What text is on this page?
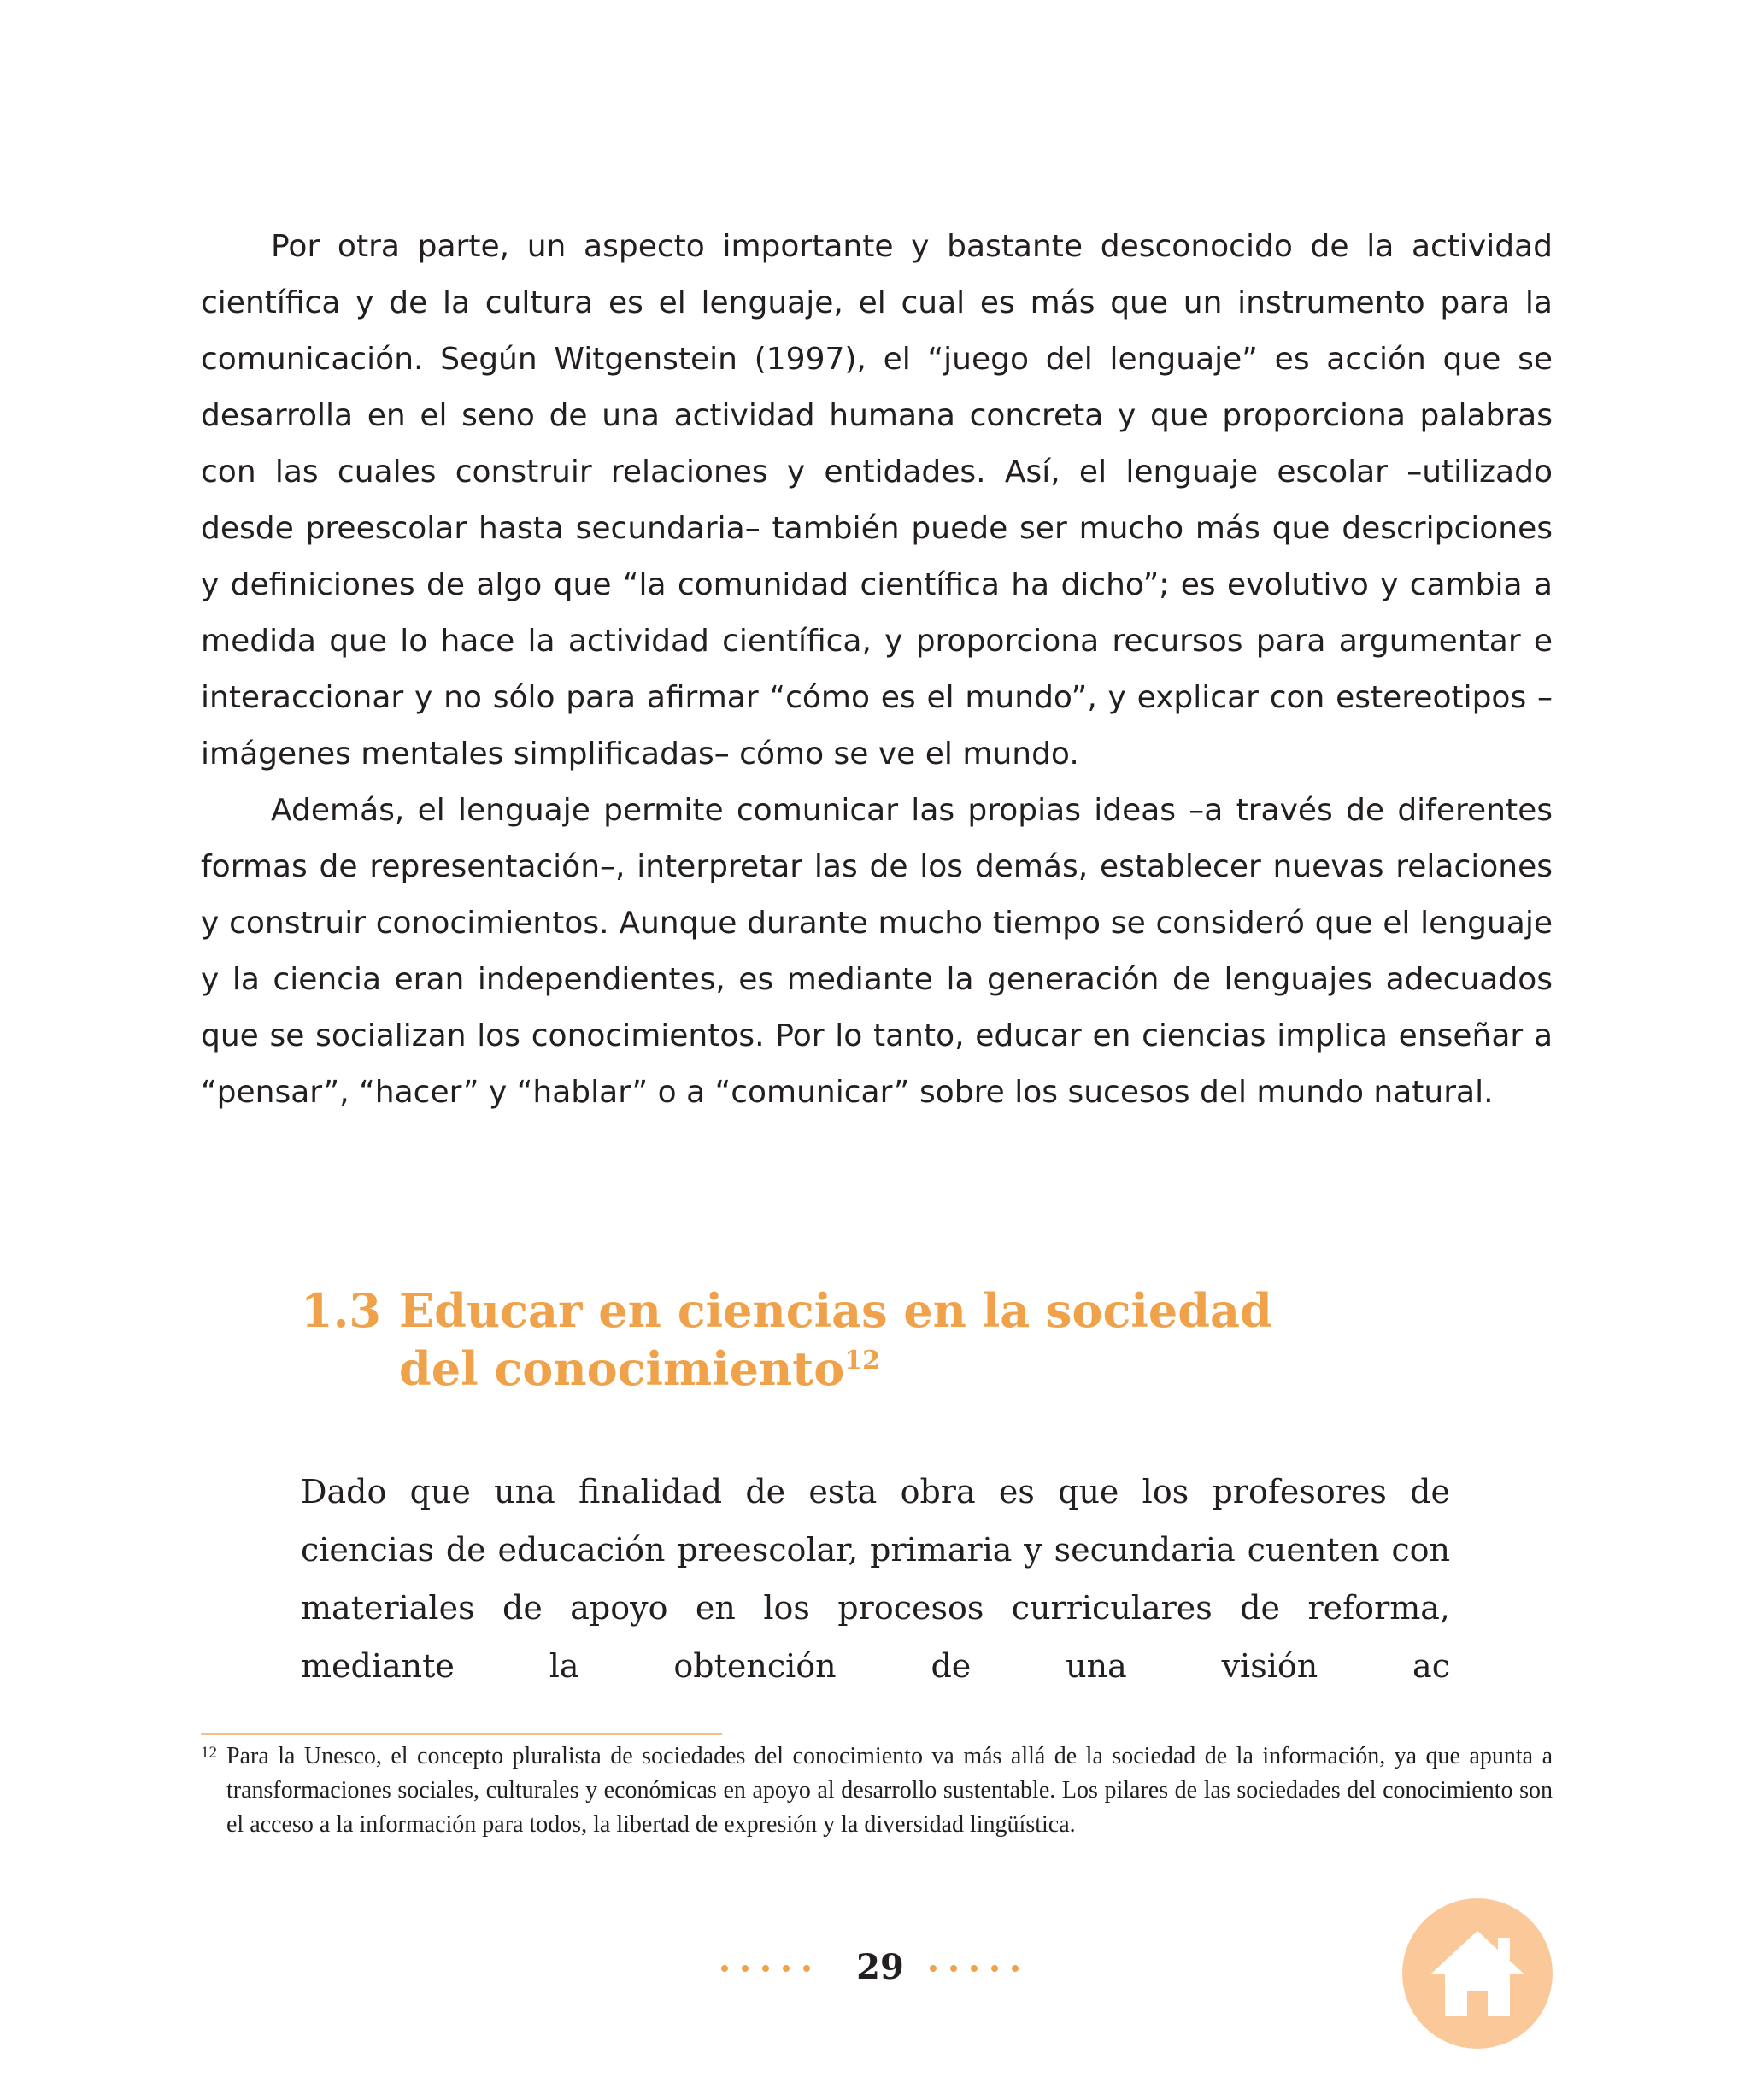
Por otra parte, un aspecto importante y bastante desconocido de la actividad científica y de la cultura es el lenguaje, el cual es más que un instrumento para la comunicación. Según Witgenstein (1997), el “juego del lenguaje” es acción que se desarrolla en el seno de una actividad humana concreta y que proporciona palabras con las cuales construir relaciones y entidades. Así, el lenguaje escolar –utilizado desde preescolar hasta secundaria– también puede ser mucho más que descripciones y definiciones de algo que “la comunidad científica ha dicho”; es evolutivo y cambia a medida que lo hace la actividad científica, y proporciona recursos para argumentar e interaccionar y no sólo para afirmar “cómo es el mundo”, y explicar con estereotipos –imágenes mentales simplificadas– cómo se ve el mundo.

Además, el lenguaje permite comunicar las propias ideas –a través de diferentes formas de representación–, interpretar las de los demás, establecer nuevas relaciones y construir conocimientos. Aunque durante mucho tiempo se consideró que el lenguaje y la ciencia eran independientes, es mediante la generación de lenguajes adecuados que se socializan los conocimientos. Por lo tanto, educar en ciencias implica enseñar a “pensar”, “hacer” y “hablar” o a “comunicar” sobre los sucesos del mundo natural.

1.3 Educar en ciencias en la sociedad
del conocimiento$^{12}$

Dado que una finalidad de esta obra es que los profesores de ciencias de educación preescolar, primaria y secundaria cuenten con materiales de apoyo en los procesos curriculares de reforma, mediante la obtención de una visión ac

12 Para la Unesco, el concepto pluralista de sociedades del conocimiento va más allá de la sociedad de la información, ya que apunta a transformaciones sociales, culturales y económicas en apoyo al desarrollo sustentable. Los pilares de las sociedades del conocimiento son el acceso a la información para todos, la libertad de expresión y la diversidad lingüística.
29
